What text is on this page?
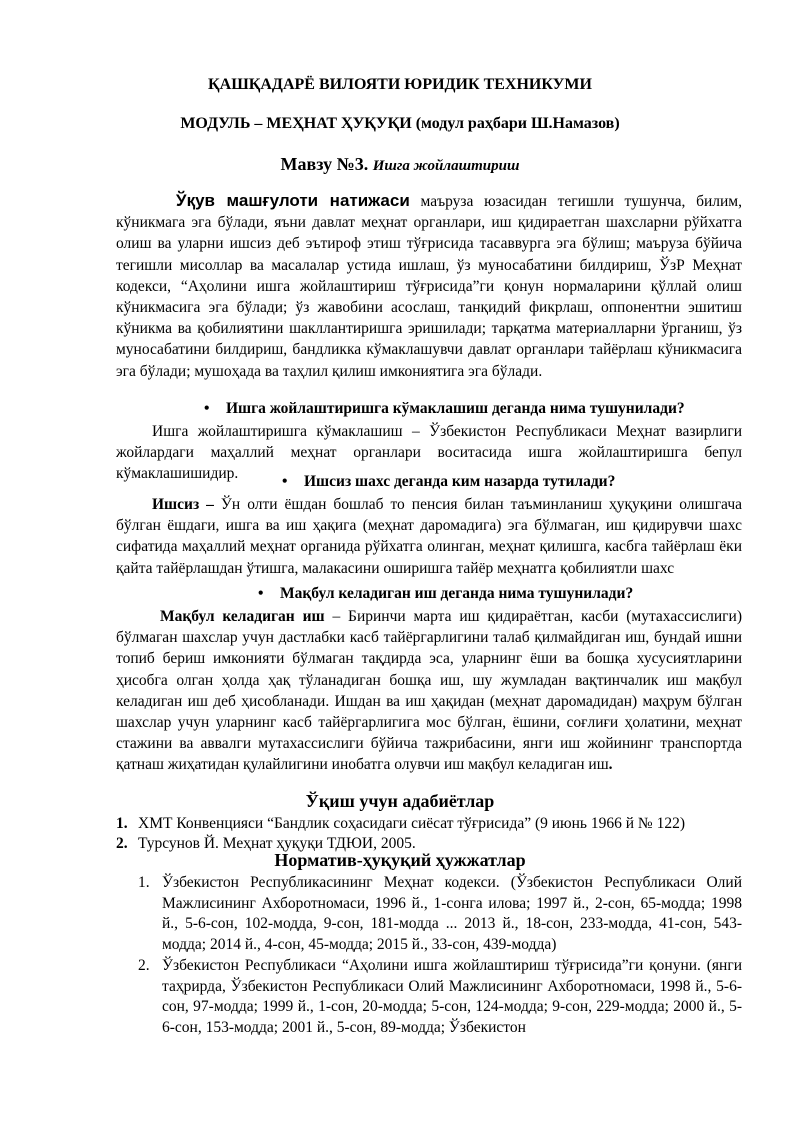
ҚАШҚАДАРЁ ВИЛОЯТИ ЮРИДИК ТЕХНИКУМИ
МОДУЛЬ – МЕҲНАТ ҲУҚУҚИ (модул раҳбари Ш.Намазов)
Мавзу №3. Ишга жойлаштириш
Ўқув машғулоти натижаси маъруза юзасидан тегишли тушунча, билим, кўникмага эга бўлади, яъни давлат меҳнат органлари, иш қидираетган шахсларни рўйхатга олиш ва уларни ишсиз деб эътироф этиш тўғрисида тасаввурга эга бўлиш; маъруза бўйича тегишли мисоллар ва масалалар устида ишлаш, ўз муносабатини билдириш, ЎзР Меҳнат кодекси, “Аҳолини ишга жойлаштириш тўғрисида”ги қонун нормаларини қўллай олиш кўникмасига эга бўлади; ўз жавобини асослаш, танқидий фикрлаш, оппонентни эшитиш кўникма ва қобилиятини шакллантиришга эришилади; тарқатма материалларни ўрганиш, ўз муносабатини билдириш, бандликка кўмаклашувчи давлат органлари тайёрлаш кўникмасига эга бўлади; мушоҳада ва таҳлил қилиш имкониятига эга бўлади.
• Ишга жойлаштиришга кўмаклашиш деганда нима тушунилади?
Ишга жойлаштиришга кўмаклашиш – Ўзбекистон Республикаси Меҳнат вазирлиги жойлардаги маҳаллий меҳнат органлари воситасида ишга жойлаштиришга бепул кўмаклашишидир.	• Ишсиз шахс деганда ким назарда тутилади?
Ишсиз – Ўн олти ёшдан бошлаб то пенсия билан таъминланиш ҳуқуқини олишгача бўлган ёшдаги, ишга ва иш ҳақига (меҳнат даромадига) эга бўлмаган, иш қидирувчи шахс сифатида маҳаллий меҳнат органида рўйхатга олинган, меҳнат қилишга, касбга тайёрлаш ёки қайта тайёрлашдан ўтишга, малакасини оширишга тайёр меҳнатга қобилиятли шахс
• Мақбул келадиган иш деганда нима тушунилади?
Мақбул келадиган иш – Биринчи марта иш қидираётган, касби (мутахассислиги) бўлмаган шахслар учун дастлабки касб тайёргарлигини талаб қилмайдиган иш, бундай ишни топиб бериш имконияти бўлмаган тақдирда эса, уларнинг ёши ва бошқа хусусиятларини ҳисобга олган ҳолда ҳақ тўланадиган бошқа иш, шу жумладан вақтинчалик иш мақбул келадиган иш деб ҳисобланади. Ишдан ва иш ҳақидан (меҳнат даромадидан) маҳрум бўлган шахслар учун уларнинг касб тайёргарлигига мос бўлган, ёшини, соғлиғи ҳолатини, меҳнат стажини ва аввалги мутахассислиги бўйича тажрибасини, янги иш жойининг транспортда қатнаш жиҳатидан қулайлигини инобатга олувчи иш мақбул келадиган иш.
Ўқиш учун адабиётлар
1. ХМТ Конвенцияси “Бандлик соҳасидаги сиёсат тўғрисида” (9 июнь 1966 й № 122)
2. Турсунов Й. Меҳнат ҳуқуқи ТДЮИ, 2005.
Норматив-ҳуқуқий ҳужжатлар
1. Ўзбекистон Республикасининг Меҳнат кодекси. (Ўзбекистон Республикаси Олий Мажлисининг Ахборотномаси, 1996 й., 1-сонга илова; 1997 й., 2-сон, 65-модда; 1998 й., 5-6-сон, 102-модда, 9-сон, 181-модда ... 2013 й., 18-сон, 233-модда, 41-сон, 543-модда; 2014 й., 4-сон, 45-модда; 2015 й., 33-сон, 439-модда)
2. Ўзбекистон Республикаси “Аҳолини ишга жойлаштириш тўғрисида”ги қонуни. (янги таҳрирда, Ўзбекистон Республикаси Олий Мажлисининг Ахборотномаси, 1998 й., 5-6-сон, 97-модда; 1999 й., 1-сон, 20-модда; 5-сон, 124-модда; 9-сон, 229-модда; 2000 й., 5-6-сон, 153-модда; 2001 й., 5-сон, 89-модда; Ўзбекистон
